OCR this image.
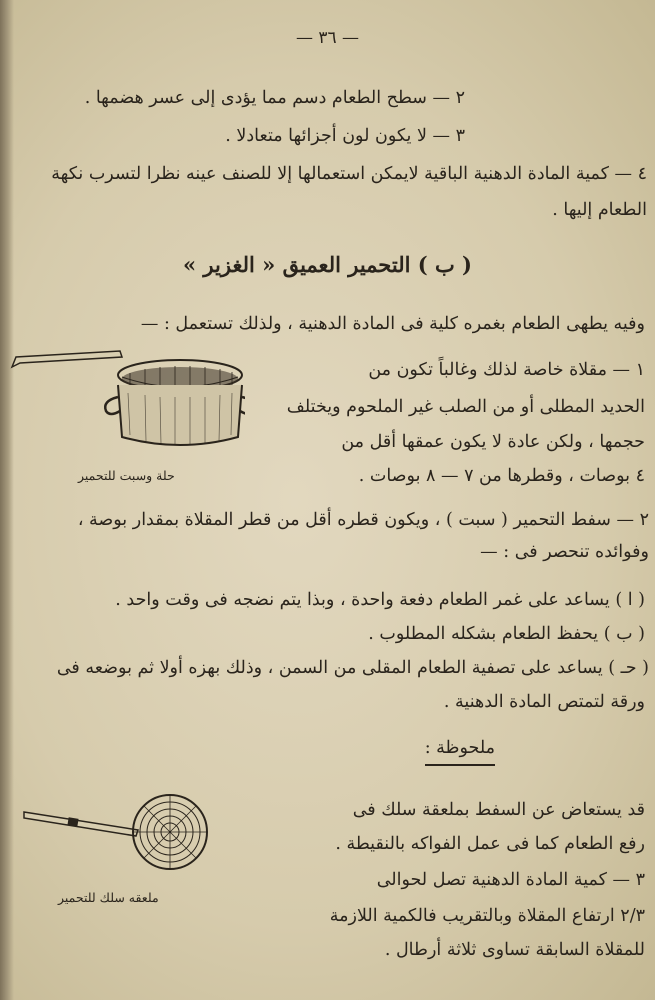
— ٣٦ —
٢ — سطح الطعام دسم مما يؤدى إلى عسر هضمها .
٣ — لا يكون لون أجزائها متعادلا .
٤ — كمية المادة الدهنية الباقية لايمكن استعمالها إلا للصنف عينه نظرا لتسرب نكهة
الطعام إليها .
( ب ) التحمير العميق « الغزير »
وفيه يطهى الطعام بغمره كلية فى المادة الدهنية ، ولذلك تستعمل : —
١ — مقلاة خاصة لذلك وغالباً تكون من
الحديد المطلى أو من الصلب غير الملحوم ويختلف
حجمها ، ولكن عادة لا يكون عمقها أقل من
٤ بوصات ، وقطرها من ٧ — ٨ بوصات .
حلة وسبت للتحمير
٢ — سفط التحمير ( سبت ) ، ويكون قطره أقل من قطر المقلاة بمقدار بوصة ،
وفوائده تنحصر فى : —
( ا ) يساعد على غمر الطعام دفعة واحدة ، وبذا يتم نضجه فى وقت واحد .
( ب ) يحفظ الطعام بشكله المطلوب .
( حـ ) يساعد على تصفية الطعام المقلى من السمن ، وذلك بهزه أولا ثم بوضعه فى
ورقة لتمتص المادة الدهنية .
ملحوظة :
قد يستعاض عن السفط بملعقة سلك فى
رفع الطعام كما فى عمل الفواكه بالنقيطة .
٣ — كمية المادة الدهنية تصل لحوالى
٢/٣ ارتفاع المقلاة وبالتقريب فالكمية اللازمة
للمقلاة السابقة تساوى ثلاثة أرطال .
ملعقه سلك للتحمير
